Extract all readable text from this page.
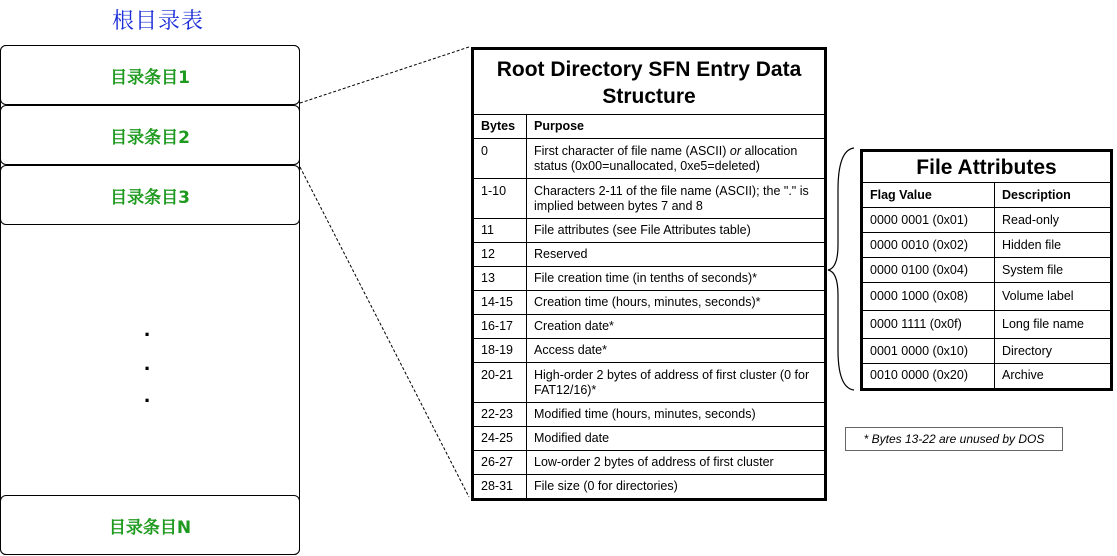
根目录表
目录条目1
目录条目2
目录条目3
.
.
.
目录条目N
Root Directory SFN Entry Data Structure
Bytes	Purpose
0	First character of file name (ASCII) or allocation status (0x00=unallocated, 0xe5=deleted)
1-10	Characters 2-11 of the file name (ASCII); the "." is implied between bytes 7 and 8
11	File attributes (see File Attributes table)
12	Reserved
13	File creation time (in tenths of seconds)*
14-15	Creation time (hours, minutes, seconds)*
16-17	Creation date*
18-19	Access date*
20-21	High-order 2 bytes of address of first cluster (0 for FAT12/16)*
22-23	Modified time (hours, minutes, seconds)
24-25	Modified date
26-27	Low-order 2 bytes of address of first cluster
28-31	File size (0 for directories)
File Attributes
Flag Value	Description
0000 0001 (0x01)	Read-only
0000 0010 (0x02)	Hidden file
0000 0100 (0x04)	System file
0000 1000 (0x08)	Volume label
0000 1111 (0x0f)	Long file name
0001 0000 (0x10)	Directory
0010 0000 (0x20)	Archive
* Bytes 13-22 are unused by DOS
